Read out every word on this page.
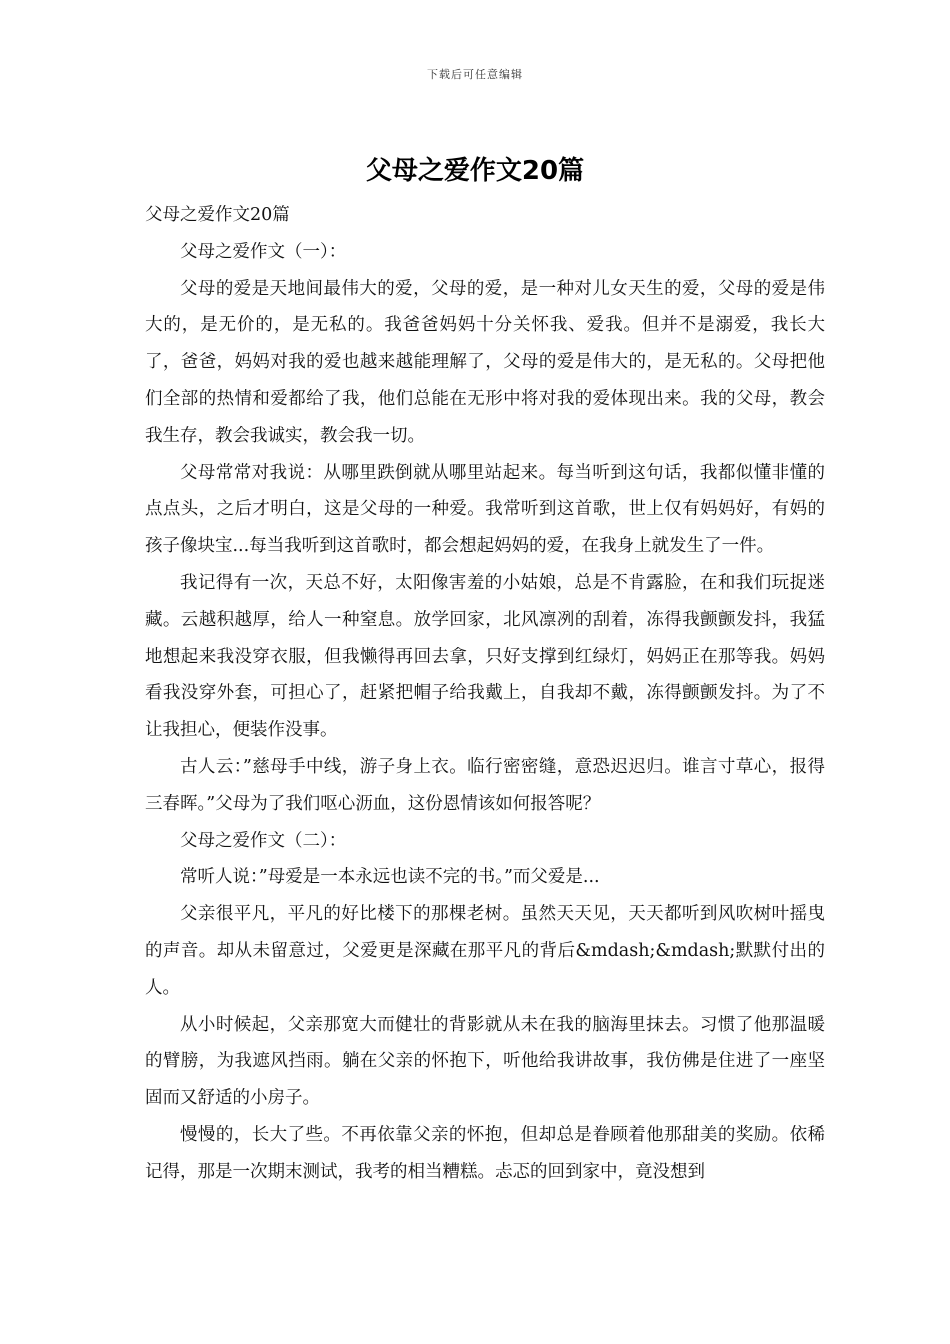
下载后可任意编辑
父母之爱作文20篇

父母之爱作文20篇

父母之爱作文（一）：

父母的爱是天地间最伟大的爱，父母的爱，是一种对儿女天生的爱，父母的爱是伟大的，是无价的，是无私的。我爸爸妈妈十分关怀我、爱我。但并不是溺爱，我长大了，爸爸，妈妈对我的爱也越来越能理解了，父母的爱是伟大的，是无私的。父母把他们全部的热情和爱都给了我，他们总能在无形中将对我的爱体现出来。我的父母，教会我生存，教会我诚实，教会我一切。

父母常常对我说：从哪里跌倒就从哪里站起来。每当听到这句话，我都似懂非懂的点点头，之后才明白，这是父母的一种爱。我常听到这首歌，世上仅有妈妈好，有妈的孩子像块宝...每当我听到这首歌时，都会想起妈妈的爱，在我身上就发生了一件。

我记得有一次，天总不好，太阳像害羞的小姑娘，总是不肯露脸，在和我们玩捉迷藏。云越积越厚，给人一种窒息。放学回家，北风凛冽的刮着，冻得我颤颤发抖，我猛地想起来我没穿衣服，但我懒得再回去拿，只好支撑到红绿灯，妈妈正在那等我。妈妈看我没穿外套，可担心了，赶紧把帽子给我戴上，自我却不戴，冻得颤颤发抖。为了不让我担心，便装作没事。

古人云：”慈母手中线，游子身上衣。临行密密缝，意恐迟迟归。谁言寸草心，报得三春晖。”父母为了我们呕心沥血，这份恩情该如何报答呢？

父母之爱作文（二）：

常听人说：”母爱是一本永远也读不完的书。”而父爱是...

父亲很平凡，平凡的好比楼下的那棵老树。虽然天天见，天天都听到风吹树叶摇曳的声音。却从未留意过，父爱更是深藏在那平凡的背后&mdash;&mdash;默默付出的人。

从小时候起，父亲那宽大而健壮的背影就从未在我的脑海里抹去。习惯了他那温暖的臂膀，为我遮风挡雨。躺在父亲的怀抱下，听他给我讲故事，我仿佛是住进了一座坚固而又舒适的小房子。

慢慢的，长大了些。不再依靠父亲的怀抱，但却总是眷顾着他那甜美的奖励。依稀记得，那是一次期末测试，我考的相当糟糕。忐忑的回到家中，竟没想到
